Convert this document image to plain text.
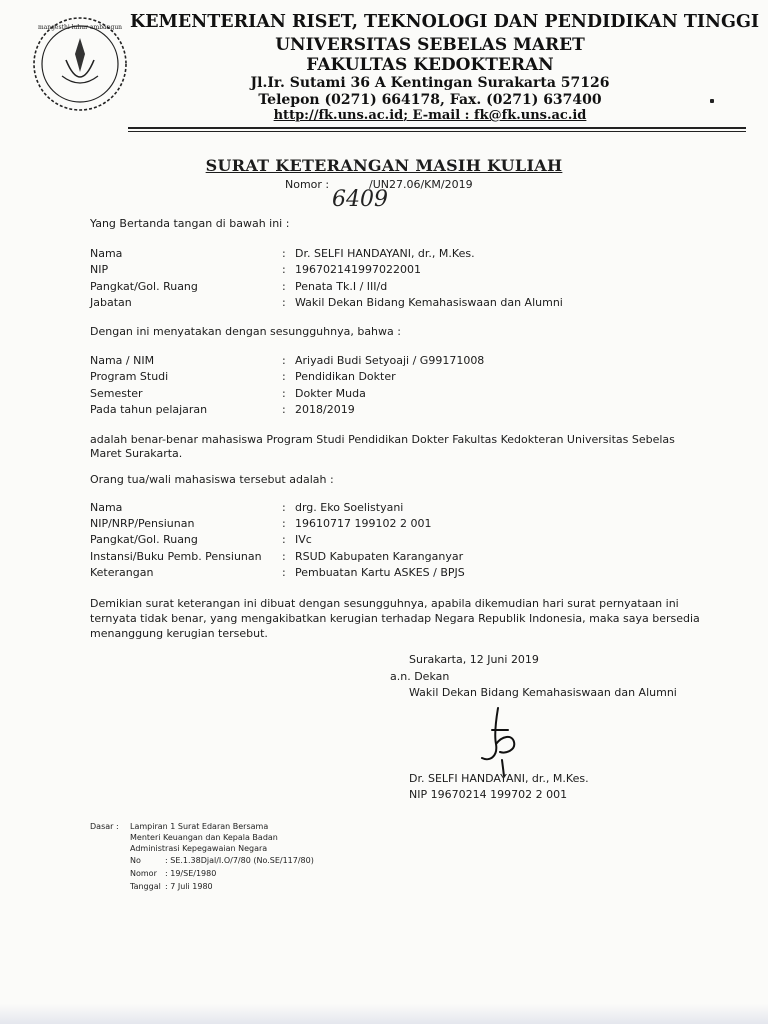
mangesthi luhur ambangun KEMENTERIAN RISET, TEKNOLOGI DAN PENDIDIKAN TINGGI
UNIVERSITAS SEBELAS MARET
FAKULTAS KEDOKTERAN
Jl.Ir. Sutami 36 A Kentingan Surakarta 57126
Telepon (0271) 664178, Fax. (0271) 637400
http://fk.uns.ac.id; E-mail : fk@fk.uns.ac.id
SURAT KETERANGAN MASIH KULIAH
Nomor :
6409
/UN27.06/KM/2019
Yang Bertanda tangan di bawah ini :
Nama	: Dr. SELFI HANDAYANI, dr., M.Kes.
NIP	: 196702141997022001
Pangkat/Gol. Ruang	: Penata Tk.I / III/d
Jabatan	: Wakil Dekan Bidang Kemahasiswaan dan Alumni
Dengan ini menyatakan dengan sesungguhnya, bahwa :
Nama / NIM	: Ariyadi Budi Setyoaji / G99171008
Program Studi	: Pendidikan Dokter
Semester	: Dokter Muda
Pada tahun pelajaran	: 2018/2019
adalah benar-benar mahasiswa Program Studi Pendidikan Dokter Fakultas Kedokteran Universitas Sebelas
Maret Surakarta.
Orang tua/wali mahasiswa tersebut adalah :
Nama	: drg. Eko Soelistyani
NIP/NRP/Pensiunan	: 19610717 199102 2 001
Pangkat/Gol. Ruang	: IVc
Instansi/Buku Pemb. Pensiunan : RSUD Kabupaten Karanganyar
Keterangan	: Pembuatan Kartu ASKES / BPJS
Demikian surat keterangan ini dibuat dengan sesungguhnya, apabila dikemudian hari surat pernyataan ini
ternyata tidak benar, yang mengakibatkan kerugian terhadap Negara Republik Indonesia, maka saya bersedia
menanggung kerugian tersebut.
Surakarta, 12 Juni 2019
a.n. Dekan
Wakil Dekan Bidang Kemahasiswaan dan Alumni
Dr. SELFI HANDAYANI, dr., M.Kes.
NIP 19670214 199702 2 001
Dasar : Lampiran 1 Surat Edaran Bersama
Menteri Keuangan dan Kepala Badan
Administrasi Kepegawaian Negara
No	: SE.1.38Djal/I.O/7/80 (No.SE/117/80)
Nomor : 19/SE/1980
Tanggal : 7 Juli 1980
